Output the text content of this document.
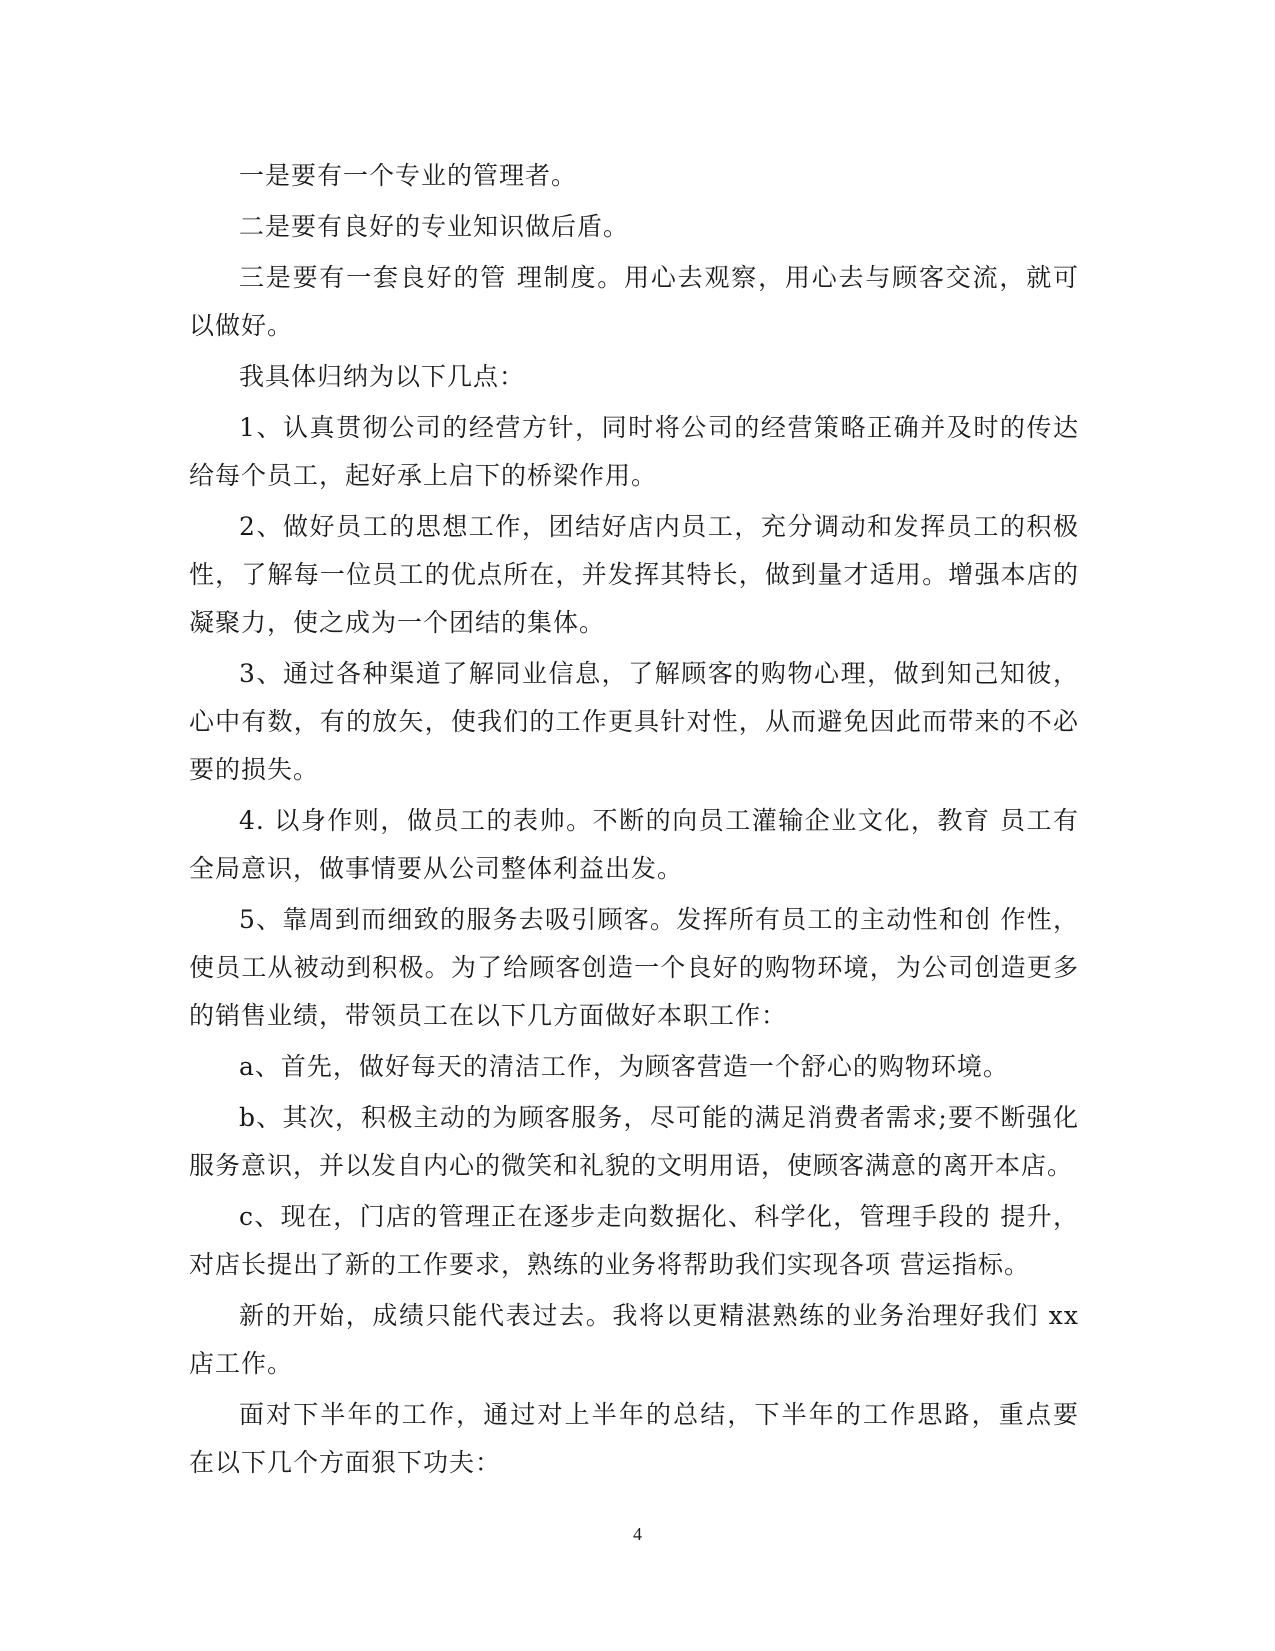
一是要有一个专业的管理者。

二是要有良好的专业知识做后盾。

三是要有一套良好的管 理制度。用心去观察，用心去与顾客交流，就可以做好。

我具体归纳为以下几点：

1、认真贯彻公司的经营方针，同时将公司的经营策略正确并及时的传达给每个员工，起好承上启下的桥梁作用。

2、做好员工的思想工作，团结好店内员工，充分调动和发挥员工的积极性，了解每一位员工的优点所在，并发挥其特长，做到量才适用。增强本店的凝聚力，使之成为一个团结的集体。

3、通过各种渠道了解同业信息，了解顾客的购物心理，做到知己知彼，心中有数，有的放矢，使我们的工作更具针对性，从而避免因此而带来的不必要的损失。

4. 以身作则，做员工的表帅。不断的向员工灌输企业文化，教育 员工有全局意识，做事情要从公司整体利益出发。

5、靠周到而细致的服务去吸引顾客。发挥所有员工的主动性和创 作性，使员工从被动到积极。为了给顾客创造一个良好的购物环境，为公司创造更多的销售业绩，带领员工在以下几方面做好本职工作：

a、首先，做好每天的清洁工作，为顾客营造一个舒心的购物环境。

b、其次，积极主动的为顾客服务，尽可能的满足消费者需求;要不断强化服务意识，并以发自内心的微笑和礼貌的文明用语，使顾客满意的离开本店。

c、现在，门店的管理正在逐步走向数据化、科学化，管理手段的 提升，对店长提出了新的工作要求，熟练的业务将帮助我们实现各项 营运指标。

新的开始，成绩只能代表过去。我将以更精湛熟练的业务治理好我们 xx 店工作。

面对下半年的工作，通过对上半年的总结，下半年的工作思路，重点要 在以下几个方面狠下功夫：

4
